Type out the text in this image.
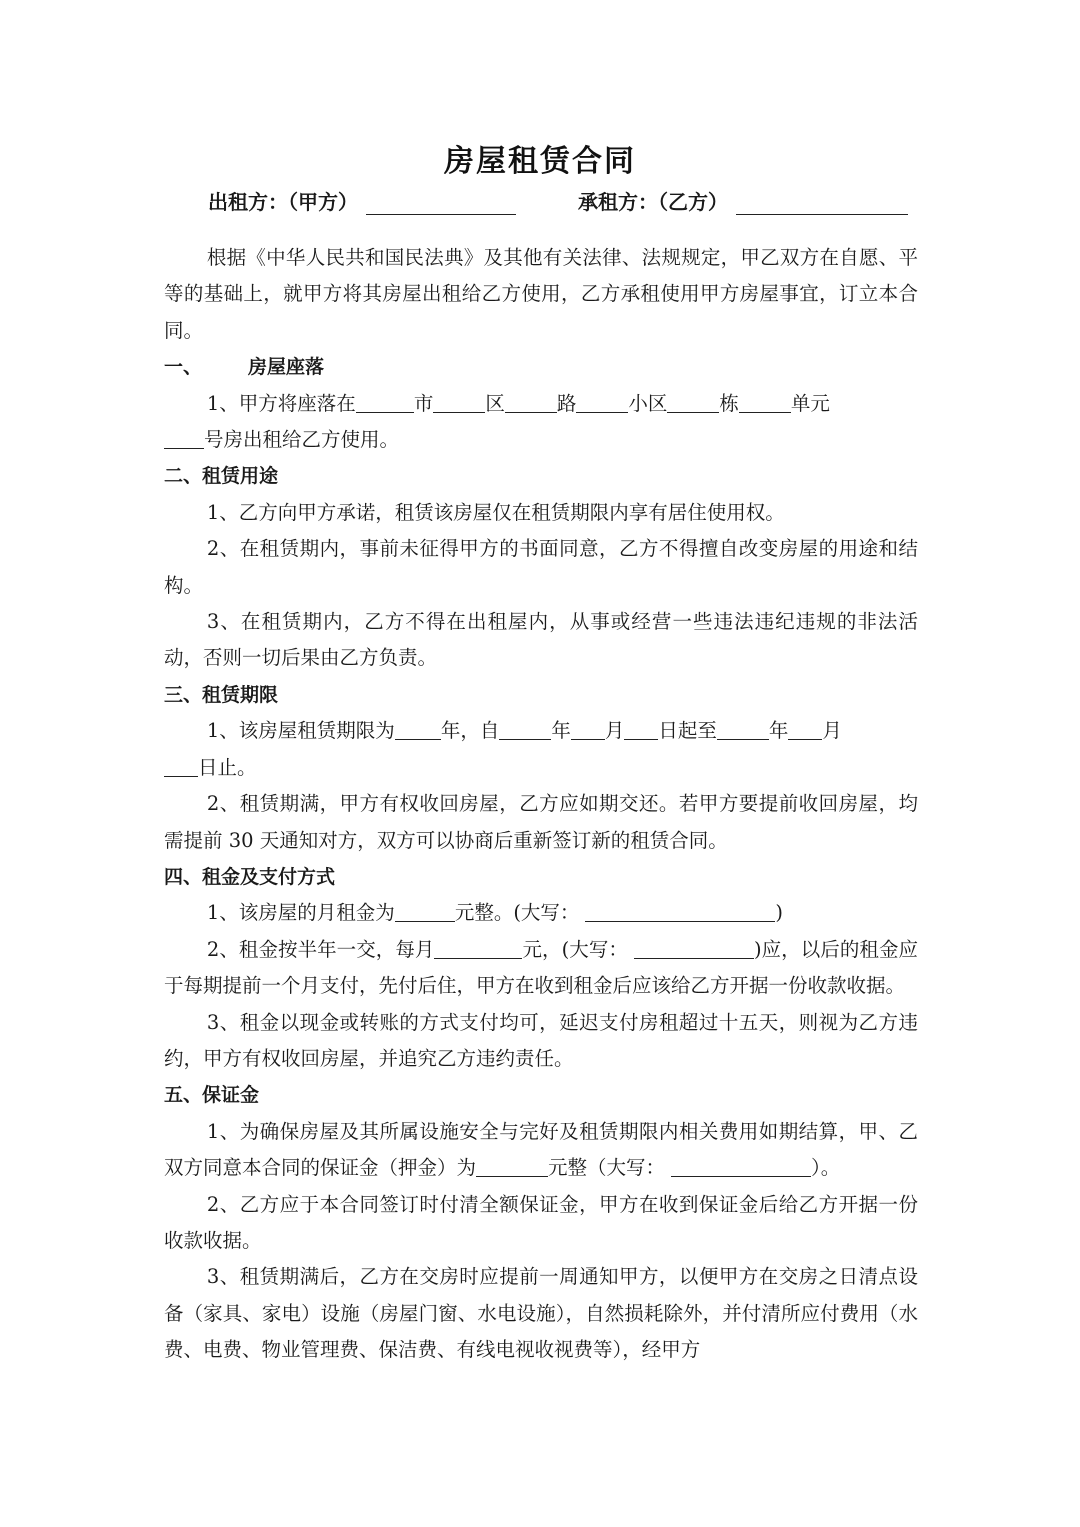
房屋租赁合同
出租方：（甲方）	承租方：（乙方）

根据《中华人民共和国民法典》及其他有关法律、法规规定，甲乙双方在自愿、平等的基础上，就甲方将其房屋出租给乙方使用，乙方承租使用甲方房屋事宜，订立本合同。

一、 房屋座落

1、甲方将座落在	市	区	路	小区	栋	单元
号房出租给乙方使用。

二、租赁用途

1、乙方向甲方承诺，租赁该房屋仅在租赁期限内享有居住使用权。

2、在租赁期内，事前未征得甲方的书面同意，乙方不得擅自改变房屋的用途和结构。

3、在租赁期内，乙方不得在出租屋内，从事或经营一些违法违纪违规的非法活动，否则一切后果由乙方负责。

三、租赁期限

1、该房屋租赁期限为 年，自	年 月 日起至	年 月
日止。

2、租赁期满，甲方有权收回房屋，乙方应如期交还。若甲方要提前收回房屋，均需提前 30 天通知对方，双方可以协商后重新签订新的租赁合同。

四、租金及支付方式

1、该房屋的月租金为	元整。(大写：	)

2、租金按半年一交，每月	元，(大写：	)应，以后的租金应于每期提前一个月支付，先付后住，甲方在收到租金后应该给乙方开据一份收款收据。

3、租金以现金或转账的方式支付均可，延迟支付房租超过十五天，则视为乙方违约，甲方有权收回房屋，并追究乙方违约责任。

五、保证金

1、为确保房屋及其所属设施安全与完好及租赁期限内相关费用如期结算，甲、乙双方同意本合同的保证金（押金）为	元整（大写：	）。

2、乙方应于本合同签订时付清全额保证金，甲方在收到保证金后给乙方开据一份收款收据。

3、租赁期满后，乙方在交房时应提前一周通知甲方，以便甲方在交房之日清点设备（家具、家电）设施（房屋门窗、水电设施），自然损耗除外，并付清所应付费用（水费、电费、物业管理费、保洁费、有线电视收视费等），经甲方
